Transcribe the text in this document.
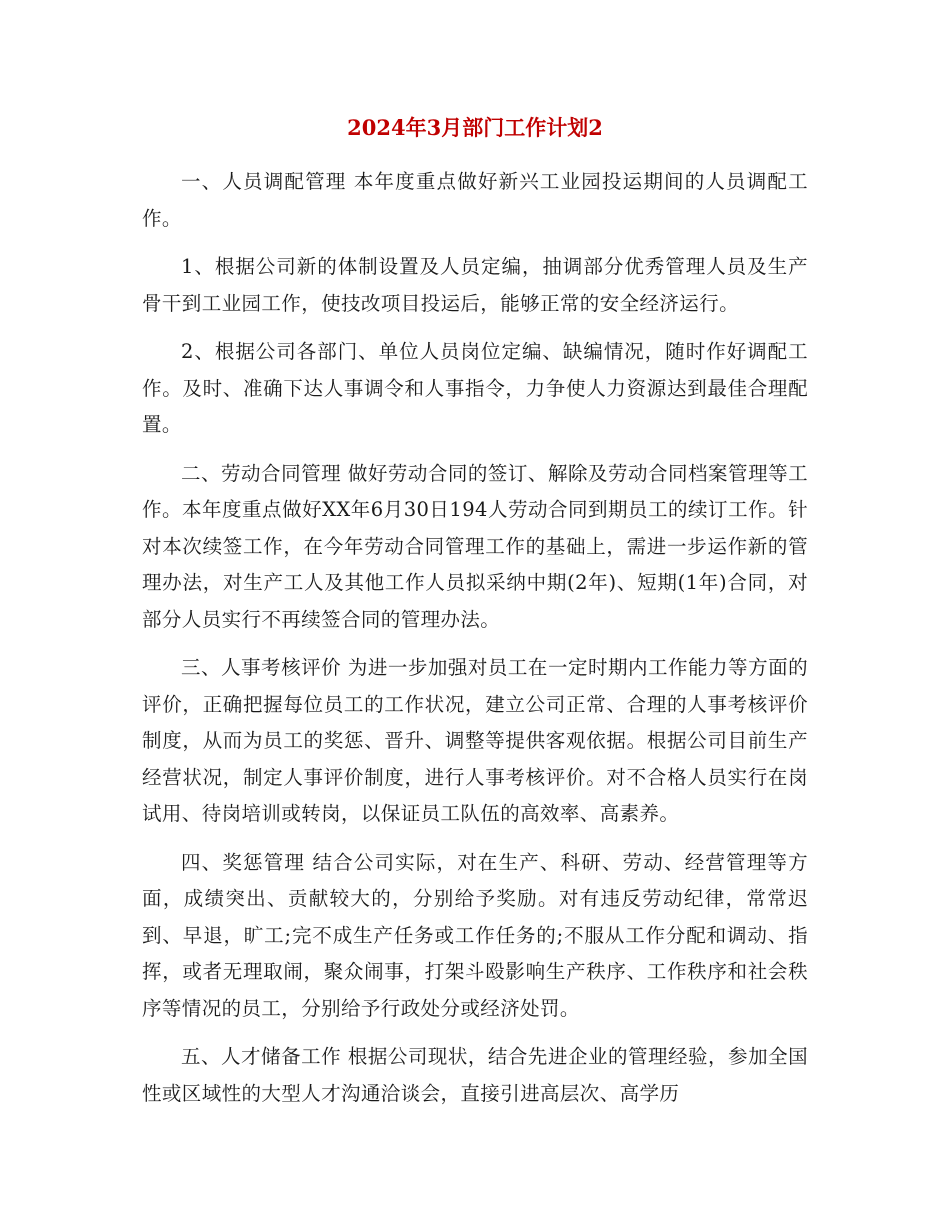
2024年3月部门工作计划2

一、人员调配管理 本年度重点做好新兴工业园投运期间的人员调配工作。

1、根据公司新的体制设置及人员定编，抽调部分优秀管理人员及生产骨干到工业园工作，使技改项目投运后，能够正常的安全经济运行。

2、根据公司各部门、单位人员岗位定编、缺编情况，随时作好调配工作。及时、准确下达人事调令和人事指令，力争使人力资源达到最佳合理配置。

二、劳动合同管理 做好劳动合同的签订、解除及劳动合同档案管理等工作。本年度重点做好XX年6月30日194人劳动合同到期员工的续订工作。针对本次续签工作，在今年劳动合同管理工作的基础上，需进一步运作新的管理办法，对生产工人及其他工作人员拟采纳中期(2年)、短期(1年)合同，对部分人员实行不再续签合同的管理办法。

三、人事考核评价 为进一步加强对员工在一定时期内工作能力等方面的评价，正确把握每位员工的工作状况，建立公司正常、合理的人事考核评价制度，从而为员工的奖惩、晋升、调整等提供客观依据。根据公司目前生产经营状况，制定人事评价制度，进行人事考核评价。对不合格人员实行在岗试用、待岗培训或转岗，以保证员工队伍的高效率、高素养。

四、奖惩管理 结合公司实际，对在生产、科研、劳动、经营管理等方面，成绩突出、贡献较大的，分别给予奖励。对有违反劳动纪律，常常迟到、早退，旷工;完不成生产任务或工作任务的;不服从工作分配和调动、指挥，或者无理取闹，聚众闹事，打架斗殴影响生产秩序、工作秩序和社会秩序等情况的员工，分别给予行政处分或经济处罚。

五、人才储备工作 根据公司现状，结合先进企业的管理经验，参加全国性或区域性的大型人才沟通洽谈会，直接引进高层次、高学历
